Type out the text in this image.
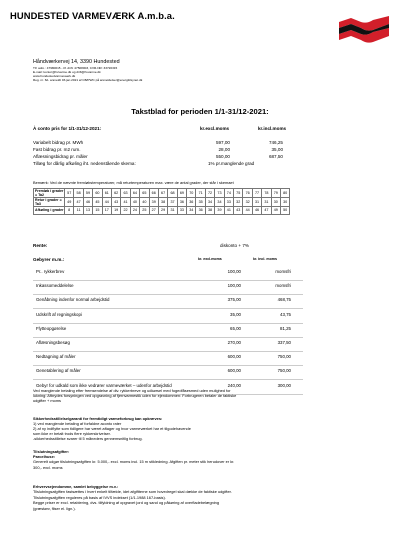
HUNDESTED VARMEVÆRK A.m.b.a.
Håndværkervej 14, 3390 Hundested
Tlf. adm.: 47980015 - tlf. drift: 47508003, CVR-NR: 33720315
E-mail: kontor@hvvarme.dk og drift@hvvarme.dk
www.hundestedvarmevaerk.dk
Reg. nr. 62- anmeldt 03.jan 2021 af CB/PWC på anmeldelser@energitilsynet.dk
Takstblad for perioden 1/1-31/12-2021:
À conto pris for 1/1-31/12-2021:	kr.excl.moms	kr.incl.moms
Variabelt bidrag pr. MWh	597,00	746,25
Fast bidrag pr. m2 rum.	28,00	35,00
Aflæsningsbidrag pr. måler	550,00	687,50
Tillæg for dårlig afkøling iht. nedenstående skema:	1% pr.manglende grad
Bemærk: Ved de nævnte fremløbstemperaturer, må returtemperaturen max. være de antal grader, der står i skemaet
Fremløb i grader = Ta2	57	58	59	60	61	62	63	64	65	66	67	68	69	70	71	72	73	74	75	76	77	78	79	80
Retur i grader = Ta3	49	47	46	45	44	43	41	40	40	39	38	37	36	36	35	34	34	33	32	32	31	31	30	30
Afkøling i grader	8	11	13	15	17	19	22	24	25	27	29	31	33	34	36	38	39	41	43	44	46	47	49	50
Rente:	diskonto + 7%
Gebyrer m.m.:	kr. excl.moms	kr. incl. moms
Pr.. rykkerbrev	100,00	momsfri
Inkassomeddelelse	100,00	momsfri
Genåbning indenfor normal arbejdstid	375,00	468,75
Udskrift af regningskopi	35,00	43,75
Flytteopgørelse	65,00	81,25
Aflæsningsbesøg	270,00	337,50
Nedtagning af måler	600,00	750,00
Genetablering af måler	600,00	750,00
Gebyr for udkald som ikke vedrører varmeværket – udenfor arbejdstid	240,00	300,00
Ved manglende betaling efter fremsendelse af div. rykkerbreve og udkørsel med fogedfåsesmed uden mulighed for
lukning: Afbrydes forsyningen ved opgravning af fjernvarmestik uden for ejendommen: Forbrugeren betaler de faktiske
udgifter + moms
Sikkerhedsstillelse/garanti for fremtidigt varmeforbrug kan opkræves:
1) ved manglende betaling af forfaldne aconto rater
2) af ny indflytte som tidligere har været aftager og hvor varmeværket har et tilgodehavende
som ikke er betalt trods flere rykkerskrivelser.
-sikkerhedsstillelse svarer til 5 måneders gennemsnitlig forbrug.
Tilslutningsafgifter:
Parcelhuse:
Generelt udgør tilslutningsafgiften kr. 5.000,- excl. moms incl. 15 m stikledning. Afgiften pr. meter stik herudover er kr.
300,- excl. moms
Erhvervsejendomme, samlet bebyggelse m.v.:
Tilslutningsafgiften fastsættes i hvert enkelt tilfælde, idet afgiftterne som hovedregel skal dække de faktiske udgifter.
Tilslutningsafgiften reguleres på basis af IVVS indekset (1/1-1988 167-basis).
Begge priser er excl. retablering, dvs. tilfyldning af opgravet jord og sand og påkøring af overfladebelægning
(græstørv, fliser el. lign.).
